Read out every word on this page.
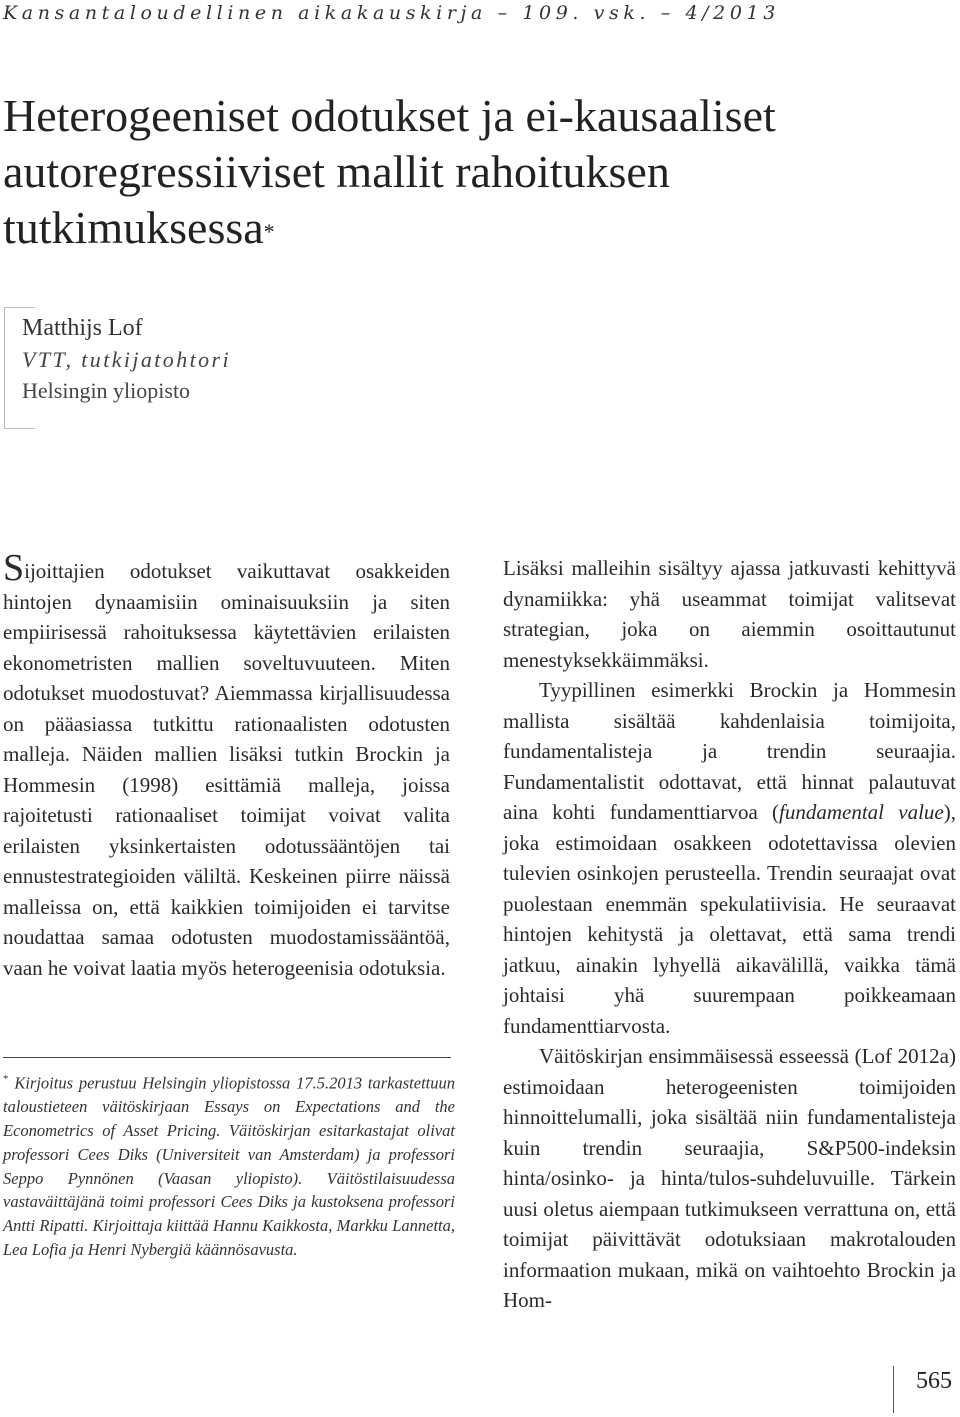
Kansantaloudellinen aikakauskirja – 109. vsk. – 4/2013
Heterogeeniset odotukset ja ei-kausaaliset autoregressiiviset mallit rahoituksen tutkimuksessa*
Matthijs Lof
VTT, tutkijatohtori
Helsingin yliopisto

Sijoittajien odotukset vaikuttavat osakkeiden hintojen dynaamisiin ominaisuuksiin ja siten empiirisessä rahoituksessa käytettävien erilaisten ekonometristen mallien soveltuvuuteen. Miten odotukset muodostuvat? Aiemmassa kirjallisuudessa on pääasiassa tutkittu rationaalisten odotusten malleja. Näiden mallien lisäksi tutkin Brockin ja Hommesin (1998) esittämiä malleja, joissa rajoitetusti rationaaliset toimijat voivat valita erilaisten yksinkertaisten odotussääntöjen tai ennustestrategioiden väliltä. Keskeinen piirre näissä malleissa on, että kaikkien toimijoiden ei tarvitse noudattaa samaa odotusten muodostamissääntöä, vaan he voivat laatia myös heterogeenisia odotuksia.

* Kirjoitus perustuu Helsingin yliopistossa 17.5.2013 tarkastettuun taloustieteen väitöskirjaan Essays on Expectations and the Econometrics of Asset Pricing. Väitöskirjan esitarkastajat olivat professori Cees Diks (Universiteit van Amsterdam) ja professori Seppo Pynnönen (Vaasan yliopisto). Väitöstilaisuudessa vastaväittäjänä toimi professori Cees Diks ja kustoksena professori Antti Ripatti. Kirjoittaja kiittää Hannu Kaikkosta, Markku Lannetta, Lea Lofia ja Henri Nybergiä käännösavusta.

Lisäksi malleihin sisältyy ajassa jatkuvasti kehittyvä dynamiikka: yhä useammat toimijat valitsevat strategian, joka on aiemmin osoittautunut menestyksekkäimmäksi.

Tyypillinen esimerkki Brockin ja Hommesin mallista sisältää kahdenlaisia toimijoita, fundamentalisteja ja trendin seuraajia. Fundamentalistit odottavat, että hinnat palautuvat aina kohti fundamenttiarvoa (fundamental value), joka estimoidaan osakkeen odotettavissa olevien tulevien osinkojen perusteella. Trendin seuraajat ovat puolestaan enemmän spekulatiivisia. He seuraavat hintojen kehitystä ja olettavat, että sama trendi jatkuu, ainakin lyhyellä aikavälillä, vaikka tämä johtaisi yhä suurempaan poikkeamaan fundamenttiarvosta.

Väitöskirjan ensimmäisessä esseessä (Lof 2012a) estimoidaan heterogeenisten toimijoiden hinnoittelumalli, joka sisältää niin fundamentalisteja kuin trendin seuraajia, S&P500-indeksin hinta/osinko- ja hinta/tulos-suhdeluvuille. Tärkein uusi oletus aiempaan tutkimukseen verrattuna on, että toimijat päivittävät odotuksiaan makrotalouden informaation mukaan, mikä on vaihtoehto Brockin ja Hom-

565
